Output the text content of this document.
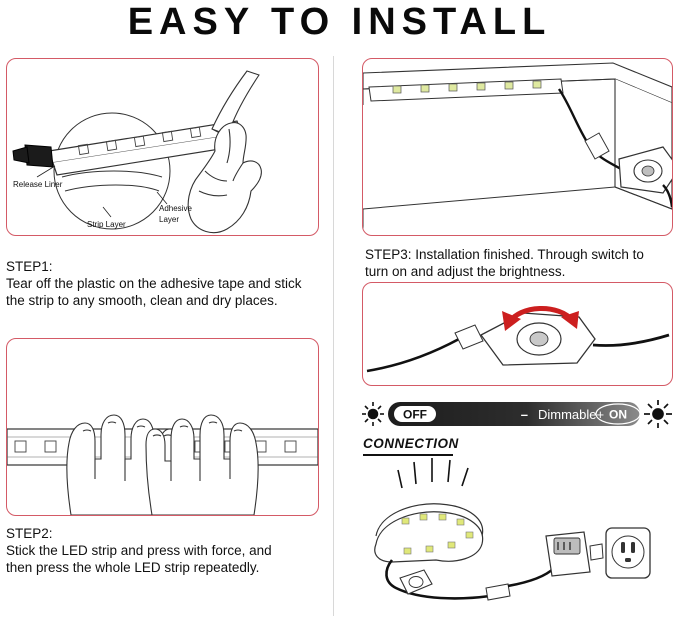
EASY TO INSTALL
Release Liner
Strip Layer
Adhesive
Layer
STEP1:
Tear off the plastic on the adhesive tape and stick
the strip to any smooth, clean and dry places.
STEP2:
Stick the LED strip and press with force, and
then press the whole LED strip repeatedly.
STEP3: Installation finished. Through switch to
turn on and adjust the brightness.
OFF	– Dimmable+ ON
CONNECTION
